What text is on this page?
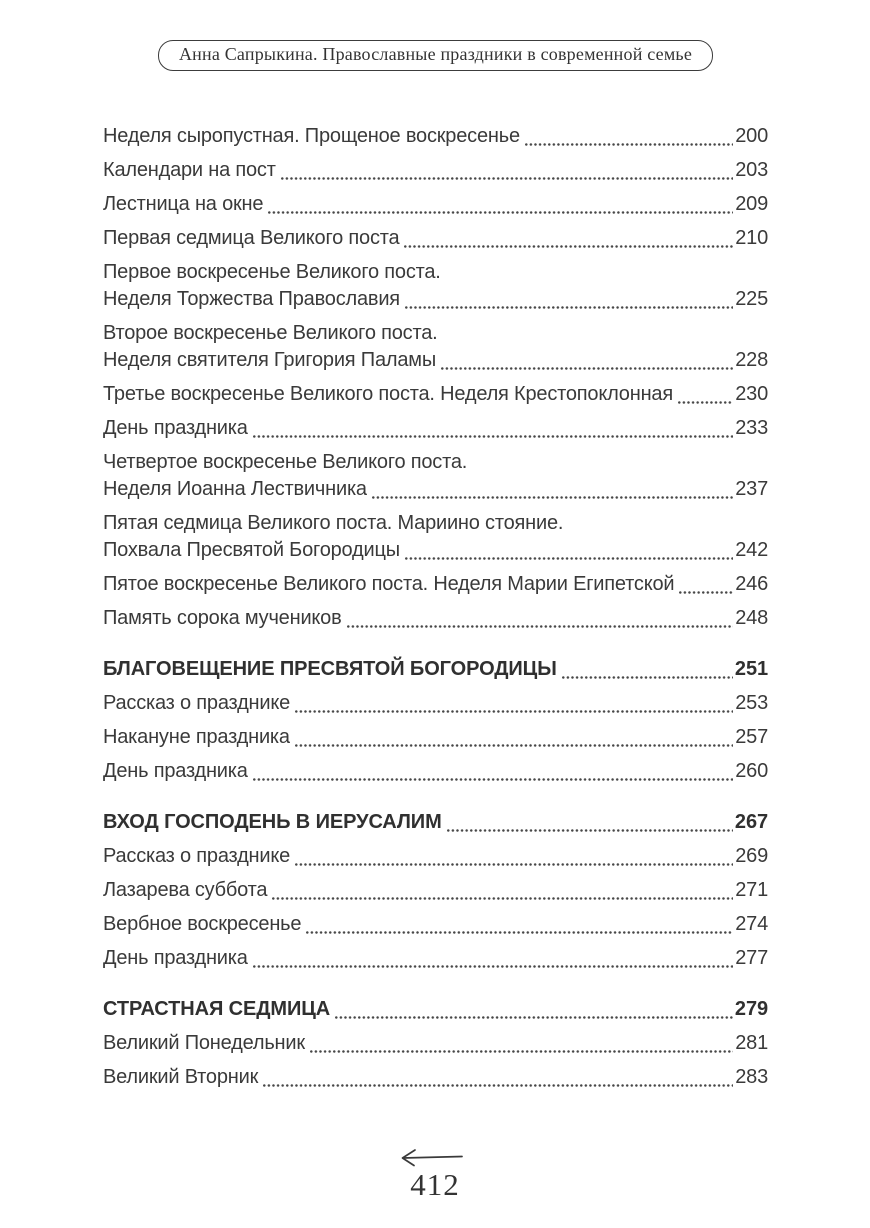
Анна Сапрыкина. Православные праздники в современной семье
Неделя сыропустная. Прощеное воскресенье	200
Календари на пост	203
Лестница на окне	209
Первая седмица Великого поста	210
Первое воскресенье Великого поста.
Неделя Торжества Православия	225
Второе воскресенье Великого поста.
Неделя святителя Григория Паламы	228
Третье воскресенье Великого поста. Неделя Крестопоклонная	230
День праздника	233
Четвертое воскресенье Великого поста.
Неделя Иоанна Лествичника	237
Пятая седмица Великого поста. Мариино стояние.
Похвала Пресвятой Богородицы	242
Пятое воскресенье Великого поста. Неделя Марии Египетской	246
Память сорока мучеников	248
БЛАГОВЕЩЕНИЕ ПРЕСВЯТОЙ БОГОРОДИЦЫ	251
Рассказ о празднике	253
Накануне праздника	257
День праздника	260
ВХОД ГОСПОДЕНЬ В ИЕРУСАЛИМ	267
Рассказ о празднике	269
Лазарева суббота	271
Вербное воскресенье	274
День праздника	277
СТРАСТНАЯ СЕДМИЦА	279
Великий Понедельник	281
Великий Вторник	283
412
